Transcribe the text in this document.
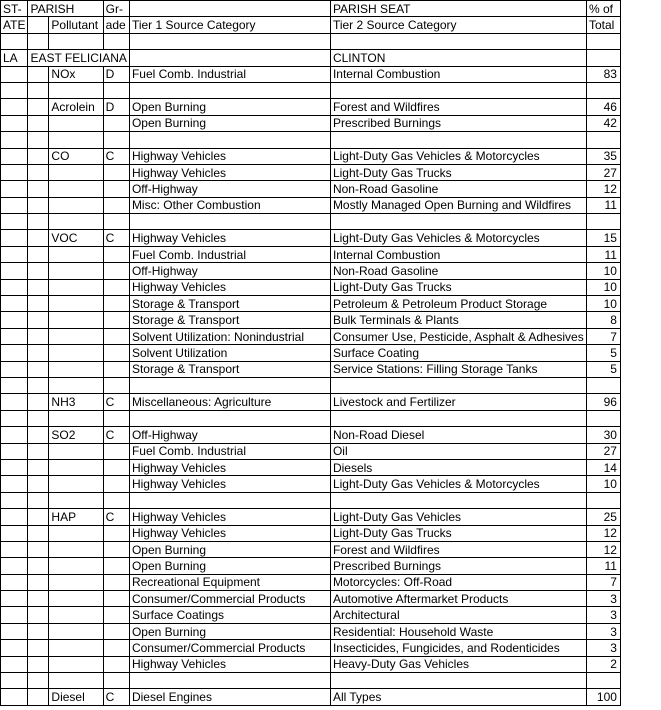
ST-	PARISH		Gr-		PARISH SEAT	% of
ATE		Pollutant	ade	Tier 1 Source Category	Tier 2 Source Category	Total

LA	EAST FELICIANA				CLINTON	
		NOx	D	Fuel Comb. Industrial	Internal Combustion	83

		Acrolein	D	Open Burning	Forest and Wildfires	46
				Open Burning	Prescribed Burnings	42

		CO	C	Highway Vehicles	Light-Duty Gas Vehicles & Motorcycles	35
				Highway Vehicles	Light-Duty Gas Trucks	27
				Off-Highway	Non-Road Gasoline	12
				Misc: Other Combustion	Mostly Managed Open Burning and Wildfires	11

		VOC	C	Highway Vehicles	Light-Duty Gas Vehicles & Motorcycles	15
				Fuel Comb. Industrial	Internal Combustion	11
				Off-Highway	Non-Road Gasoline	10
				Highway Vehicles	Light-Duty Gas Trucks	10
				Storage & Transport	Petroleum & Petroleum Product Storage	10
				Storage & Transport	Bulk Terminals & Plants	8
				Solvent Utilization: Nonindustrial	Consumer Use, Pesticide, Asphalt & Adhesives	7
				Solvent Utilization	Surface Coating	5
				Storage & Transport	Service Stations: Filling Storage Tanks	5

		NH3	C	Miscellaneous: Agriculture	Livestock and Fertilizer	96

		SO2	C	Off-Highway	Non-Road Diesel	30
				Fuel Comb. Industrial	Oil	27
				Highway Vehicles	Diesels	14
				Highway Vehicles	Light-Duty Gas Vehicles & Motorcycles	10

		HAP	C	Highway Vehicles	Light-Duty Gas Vehicles	25
				Highway Vehicles	Light-Duty Gas Trucks	12
				Open Burning	Forest and Wildfires	12
				Open Burning	Prescribed Burnings	11
				Recreational Equipment	Motorcycles: Off-Road	7
				Consumer/Commercial Products	Automotive Aftermarket Products	3
				Surface Coatings	Architectural	3
				Open Burning	Residential: Household Waste	3
				Consumer/Commercial Products	Insecticides, Fungicides, and Rodenticides	3
				Highway Vehicles	Heavy-Duty Gas Vehicles	2

		Diesel	C	Diesel Engines	All Types	100
